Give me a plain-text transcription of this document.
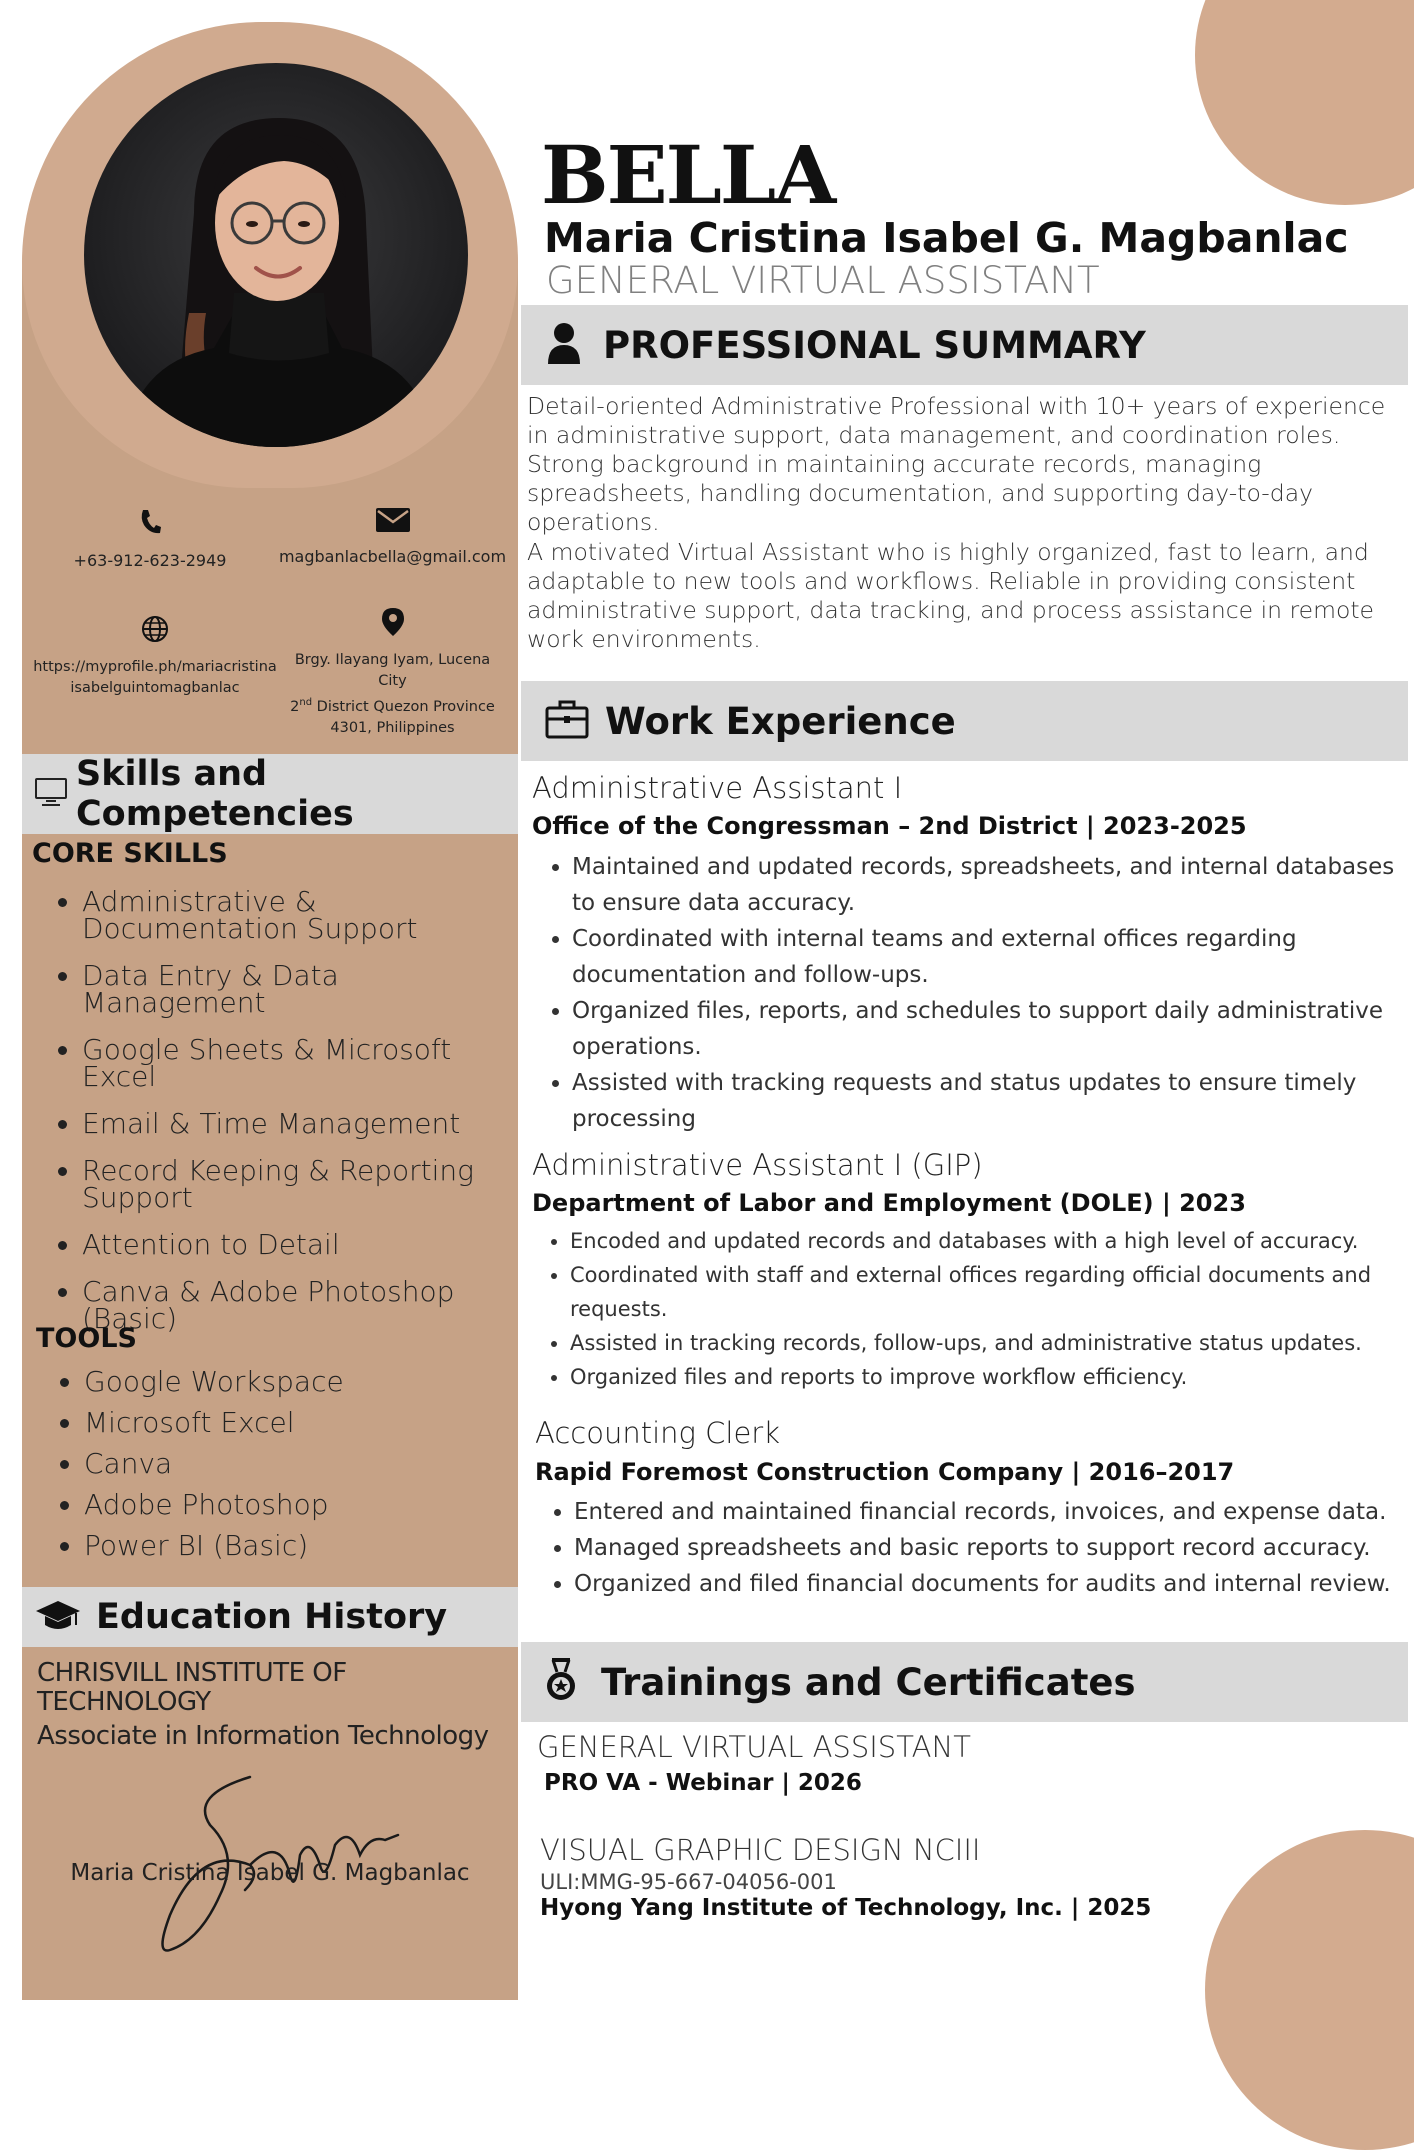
+63-912-623-2949	magbanlacbella@gmail.com
https://myprofile.ph/mariacristina
isabelguintomagbanlac
Brgy. Ilayang Iyam, Lucena City
2nd District Quezon Province
4301, Philippines
Skills and Competencies
CORE SKILLS
• Administrative & Documentation Support
• Data Entry & Data Management
• Google Sheets & Microsoft Excel
• Email & Time Management
• Record Keeping & Reporting Support
• Attention to Detail
• Canva & Adobe Photoshop (Basic)
TOOLS
• Google Workspace
• Microsoft Excel
• Canva
• Adobe Photoshop
• Power BI (Basic)
Education History
CHRISVILL INSTITUTE OF TECHNOLOGY
Associate in Information Technology
Maria Cristina Isabel G. Magbanlac
BELLA
Maria Cristina Isabel G. Magbanlac
GENERAL VIRTUAL ASSISTANT
PROFESSIONAL SUMMARY
Detail-oriented Administrative Professional with 10+ years of experience in administrative support, data management, and coordination roles. Strong background in maintaining accurate records, managing spreadsheets, handling documentation, and supporting day-to-day operations.
A motivated Virtual Assistant who is highly organized, fast to learn, and adaptable to new tools and workflows. Reliable in providing consistent administrative support, data tracking, and process assistance in remote work environments.
Work Experience
Administrative Assistant I
Office of the Congressman – 2nd District | 2023-2025
• Maintained and updated records, spreadsheets, and internal databases to ensure data accuracy.
• Coordinated with internal teams and external offices regarding documentation and follow-ups.
• Organized files, reports, and schedules to support daily administrative operations.
• Assisted with tracking requests and status updates to ensure timely processing
Administrative Assistant I (GIP)
Department of Labor and Employment (DOLE) | 2023
• Encoded and updated records and databases with a high level of accuracy.
• Coordinated with staff and external offices regarding official documents and requests.
• Assisted in tracking records, follow-ups, and administrative status updates.
• Organized files and reports to improve workflow efficiency.
Accounting Clerk
Rapid Foremost Construction Company | 2016–2017
• Entered and maintained financial records, invoices, and expense data.
• Managed spreadsheets and basic reports to support record accuracy.
• Organized and filed financial documents for audits and internal review.
Trainings and Certificates
GENERAL VIRTUAL ASSISTANT
PRO VA - Webinar | 2026
VISUAL GRAPHIC DESIGN NCIII
ULI:MMG-95-667-04056-001
Hyong Yang Institute of Technology, Inc. | 2025
